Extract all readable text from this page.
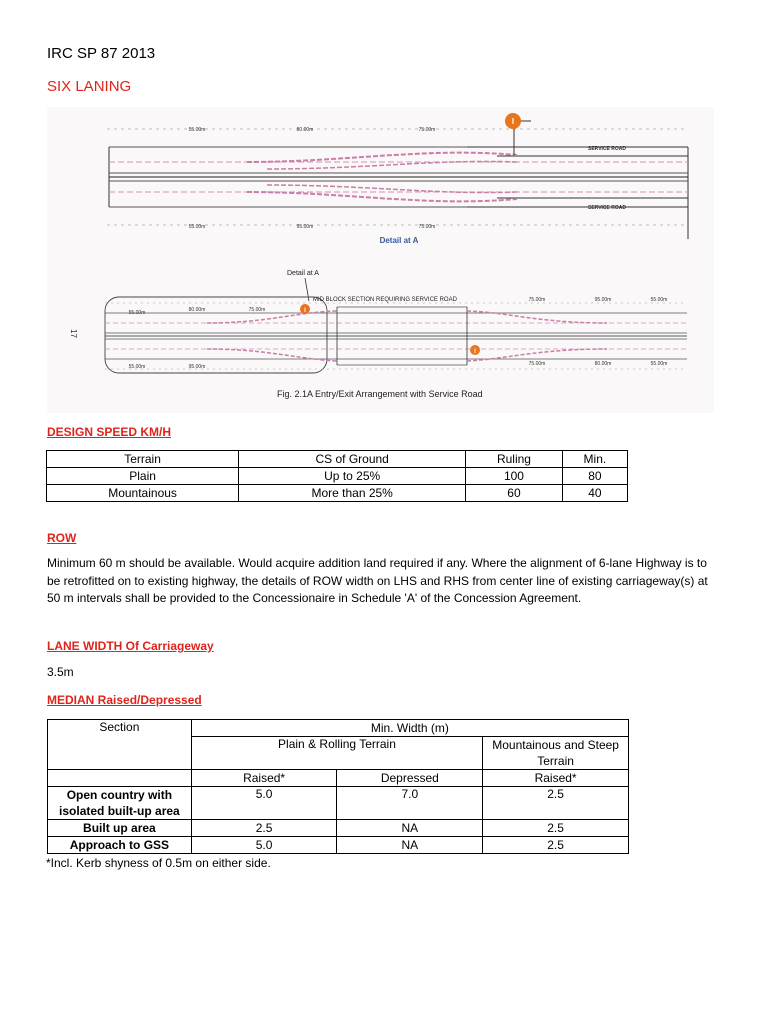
IRC SP 87 2013
SIX LANING
55.00m	80.00m	75.00m
55.00m	95.00m	75.00m
SERVICE ROAD
SERVICE ROAD
I
Detail at A
Detail at A
MID BLOCK SECTION REQUIRING SERVICE ROAD
17
55.00m	80.00m	75.00m
55.00m	95.00m
75.00m	95.00m	55.00m
75.00m	80.00m	55.00m
I
I
Fig. 2.1A Entry/Exit Arrangement with Service Road
DESIGN SPEED KM/H
Terrain	CS of Ground	Ruling	Min.
Plain	Up to 25%	100	80
Mountainous	More than 25%	60	40
ROW
Minimum 60 m should be available. Would acquire addition land required if any. Where the alignment of 6-lane Highway is to be retrofitted on to existing highway, the details of ROW width on LHS and RHS from center line of existing carriageway(s) at 50 m intervals shall be provided to the Concessionaire in Schedule 'A' of the Concession Agreement.
LANE WIDTH Of Carriageway
3.5m
MEDIAN Raised/Depressed
Section	Min. Width (m)		
	Plain & Rolling Terrain		Mountainous and Steep Terrain
	Raised*	Depressed	Raised*
Open country with isolated built-up area	5.0	7.0	2.5
Built up area	2.5	NA	2.5
Approach to GSS	5.0	NA	2.5
*Incl. Kerb shyness of 0.5m on either side.
